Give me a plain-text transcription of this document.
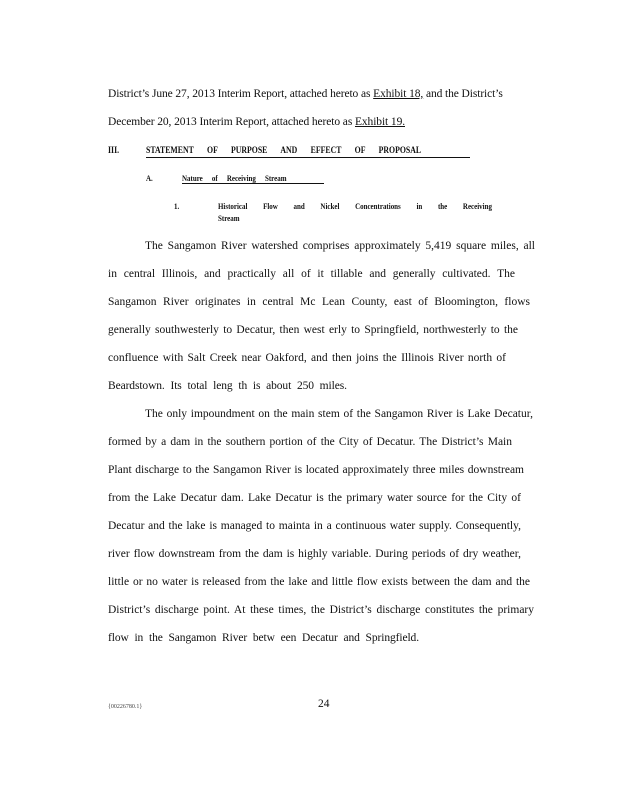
District’s June 27, 2013 Interim Report, attached hereto as Exhibit 18, and the District’s
December 20, 2013 Interim Report, attached hereto as Exhibit 19.
III.	STATEMENT OF PURPOSE AND EFFECT OF PROPOSAL
A.	Nature of Receiving Stream
1.	Historical Flow and Nickel Concentrations in the Receiving
Stream
The Sangamon River watershed comprises approximately 5,419 square miles, all
in central Illinois, and practically all of it tillable and generally cultivated. The
Sangamon River originates in central Mc Lean County, east of Bloomington, flows
generally southwesterly to Decatur, then west erly to Springfield, northwesterly to the
confluence with Salt Creek near Oakford, and then joins the Illinois River north of
Beardstown. Its total leng th is about 250 miles.
The only impoundment on the main stem of the Sangamon River is Lake Decatur,
formed by a dam in the southern portion of the City of Decatur. The District’s Main
Plant discharge to the Sangamon River is located approximately three miles downstream
from the Lake Decatur dam. Lake Decatur is the primary water source for the City of
Decatur and the lake is managed to mainta in a continuous water supply. Consequently,
river flow downstream from the dam is highly variable. During periods of dry weather,
little or no water is released from the lake and little flow exists between the dam and the
District’s discharge point. At these times, the District’s discharge constitutes the primary
flow in the Sangamon River betw een Decatur and Springfield.
{00226780.1}	24
